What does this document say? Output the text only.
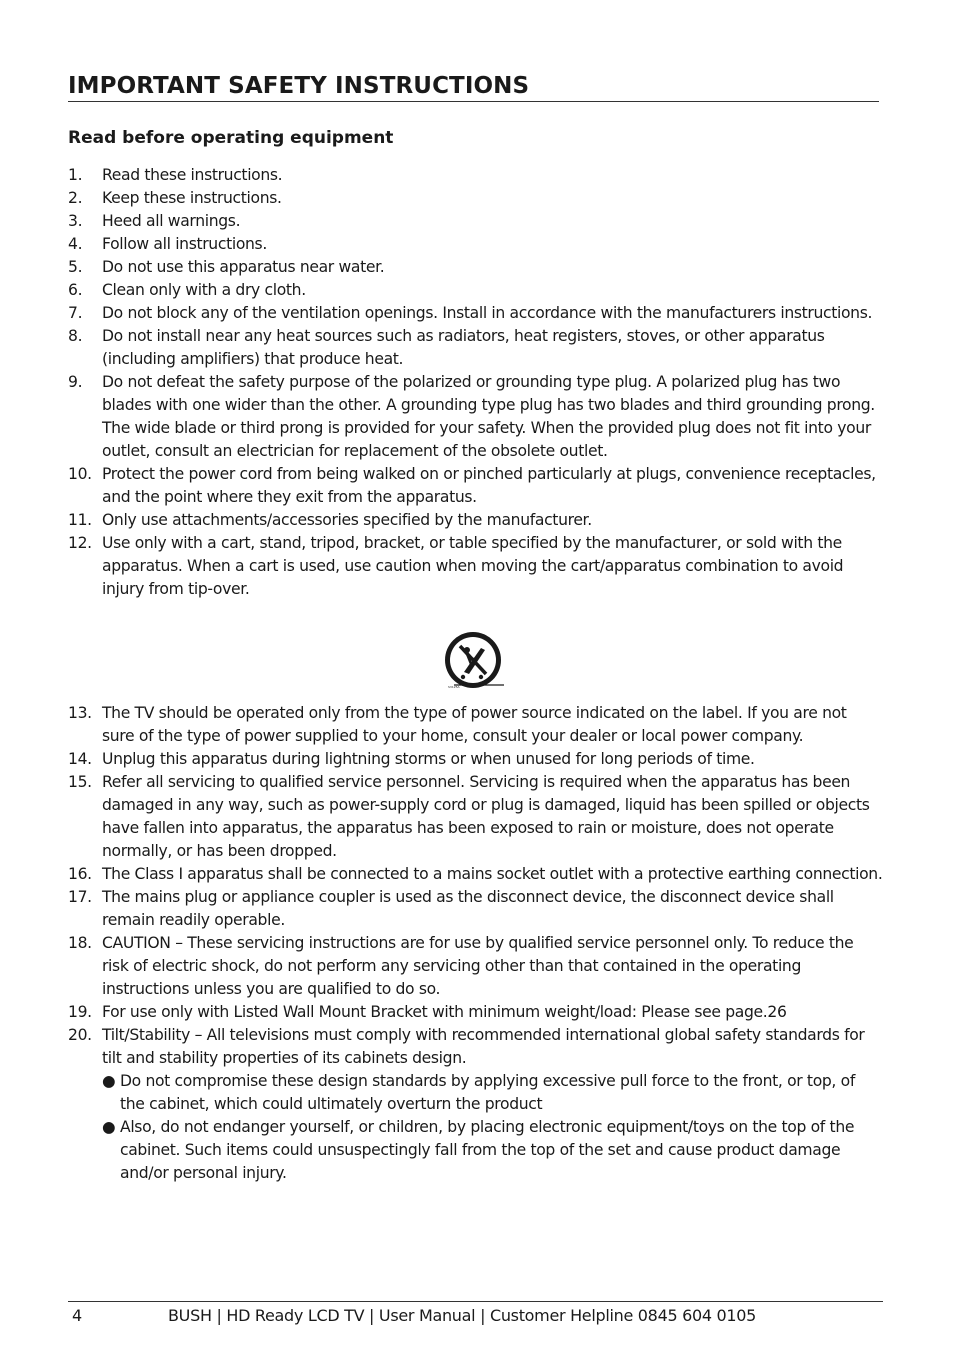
IMPORTANT SAFETY INSTRUCTIONS
Read before operating equipment
1. Read these instructions.
2. Keep these instructions.
3. Heed all warnings.
4. Follow all instructions.
5. Do not use this apparatus near water.
6. Clean only with a dry cloth.
7. Do not block any of the ventilation openings. Install in accordance with the manufacturers instructions.
8. Do not install near any heat sources such as radiators, heat registers, stoves, or other apparatus (including amplifiers) that produce heat.
9. Do not defeat the safety purpose of the polarized or grounding type plug. A polarized plug has two blades with one wider than the other. A grounding type plug has two blades and third grounding prong. The wide blade or third prong is provided for your safety. When the provided plug does not fit into your outlet, consult an electrician for replacement of the obsolete outlet.
10. Protect the power cord from being walked on or pinched particularly at plugs, convenience receptacles, and the point where they exit from the apparatus.
11. Only use attachments/accessories specified by the manufacturer.
12. Use only with a cart, stand, tripod, bracket, or table specified by the manufacturer, or sold with the apparatus. When a cart is used, use caution when moving the cart/apparatus combination to avoid injury from tip-over.
S3125A
13. The TV should be operated only from the type of power source indicated on the label. If you are not sure of the type of power supplied to your home, consult your dealer or local power company.
14. Unplug this apparatus during lightning storms or when unused for long periods of time.
15. Refer all servicing to qualified service personnel. Servicing is required when the apparatus has been damaged in any way, such as power-supply cord or plug is damaged, liquid has been spilled or objects have fallen into apparatus, the apparatus has been exposed to rain or moisture, does not operate normally, or has been dropped.
16. The Class I apparatus shall be connected to a mains socket outlet with a protective earthing connection.
17. The mains plug or appliance coupler is used as the disconnect device, the disconnect device shall remain readily operable.
18. CAUTION – These servicing instructions are for use by qualified service personnel only. To reduce the risk of electric shock, do not perform any servicing other than that contained in the operating instructions unless you are qualified to do so.
19. For use only with Listed Wall Mount Bracket with minimum weight/load: Please see page.26
20. Tilt/Stability – All televisions must comply with recommended international global safety standards for tilt and stability properties of its cabinets design.
● Do not compromise these design standards by applying excessive pull force to the front, or top, of the cabinet, which could ultimately overturn the product
● Also, do not endanger yourself, or children, by placing electronic equipment/toys on the top of the cabinet. Such items could unsuspectingly fall from the top of the set and cause product damage and/or personal injury.
4	BUSH | HD Ready LCD TV | User Manual | Customer Helpline 0845 604 0105
